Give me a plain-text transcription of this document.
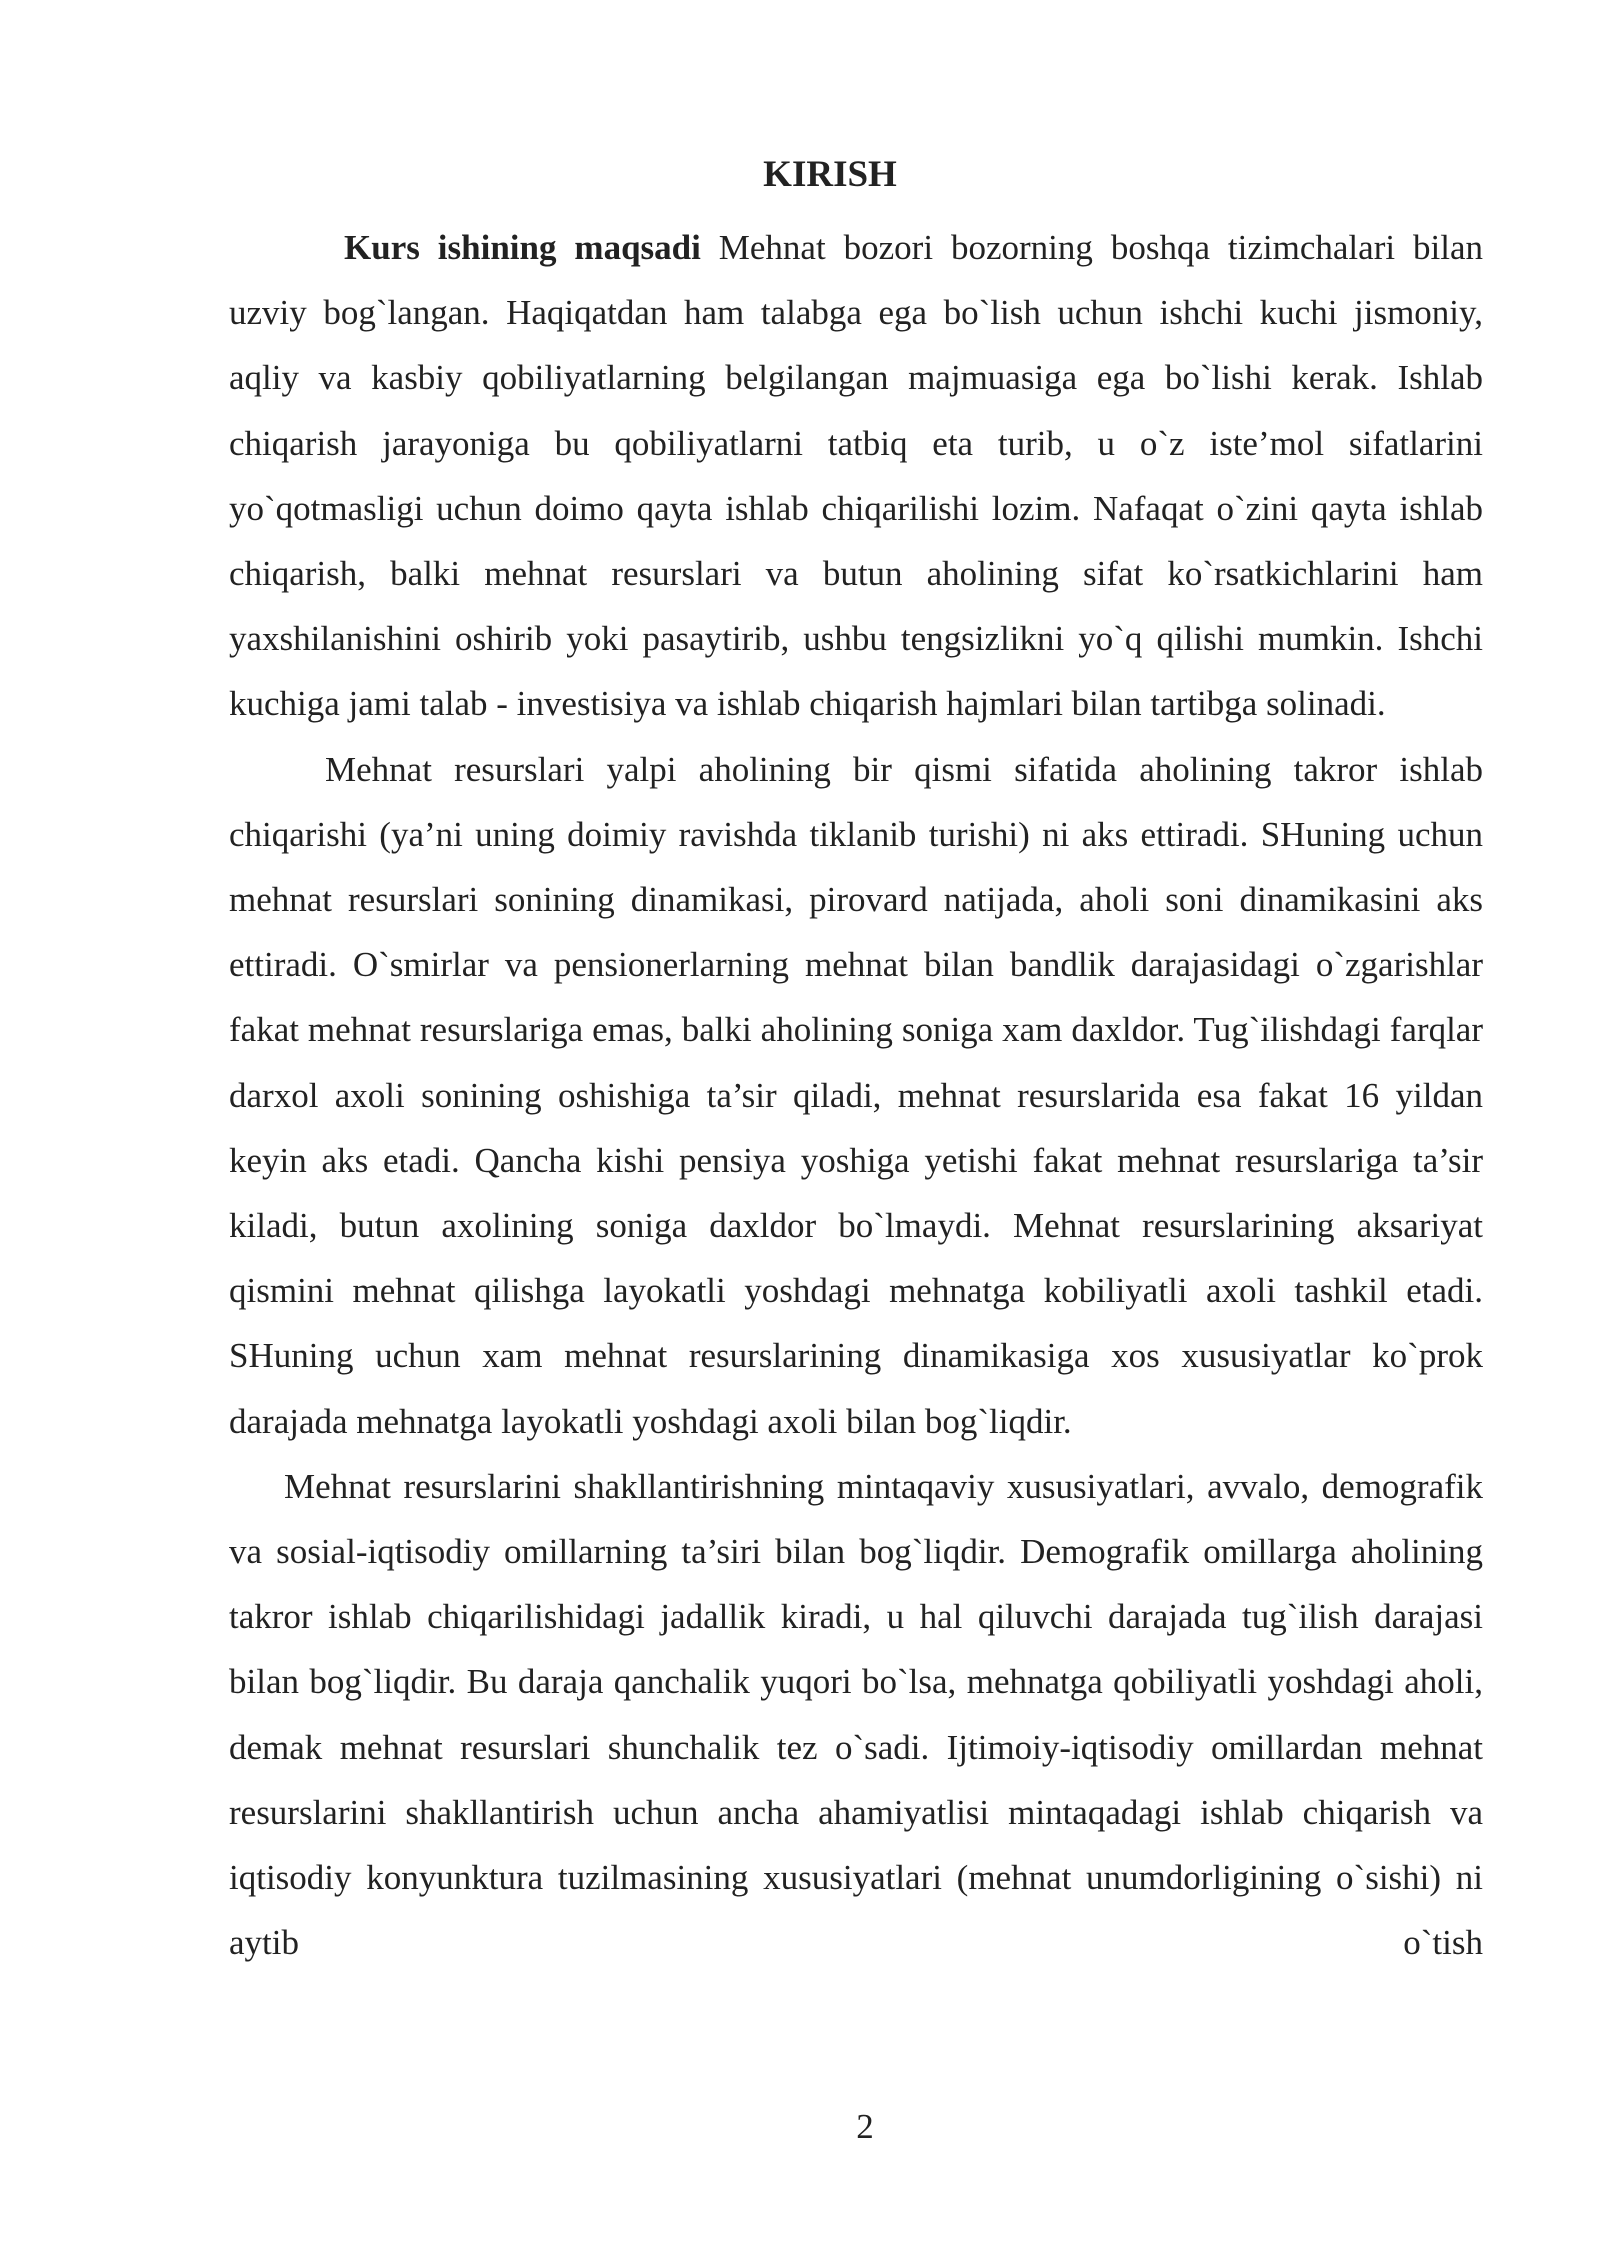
KIRISH

Kurs ishining maqsadi Mehnat bozori bozorning boshqa tizimchalari bilan uzviy bog`langan. Haqiqatdan ham talabga ega bo`lish uchun ishchi kuchi jismoniy, aqliy va kasbiy qobiliyatlarning belgilangan majmuasiga ega bo`lishi kerak. Ishlab chiqarish jarayoniga bu qobiliyatlarni tatbiq eta turib, u o`z iste’mol sifatlarini yo`qotmasligi uchun doimo qayta ishlab chiqarilishi lozim. Nafaqat o`zini qayta ishlab chiqarish, balki mehnat resurslari va butun aholining sifat ko`rsatkichlarini ham yaxshilanishini oshirib yoki pasaytirib, ushbu tengsizlikni yo`q qilishi mumkin. Ishchi kuchiga jami talab - investisiya va ishlab chiqarish hajmlari bilan tartibga solinadi.

Mehnat resurslari yalpi aholining bir qismi sifatida aholining takror ishlab chiqarishi (ya’ni uning doimiy ravishda tiklanib turishi) ni aks ettiradi. SHuning uchun mehnat resurslari sonining dinamikasi, pirovard natijada, aholi soni dinamikasini aks ettiradi. O`smirlar va pensionerlarning mehnat bilan bandlik darajasidagi o`zgarishlar fakat mehnat resurslariga emas, balki aholining soniga xam daxldor. Tug`ilishdagi farqlar darxol axoli sonining oshishiga ta’sir qiladi, mehnat resurslarida esa fakat 16 yildan keyin aks etadi. Qancha kishi pensiya yoshiga yetishi fakat mehnat resurslariga ta’sir kiladi, butun axolining soniga daxldor bo`lmaydi. Mehnat resurslarining aksariyat qismini mehnat qilishga layokatli yoshdagi mehnatga kobiliyatli axoli tashkil etadi. SHuning uchun xam mehnat resurslarining dinamikasiga xos xususiyatlar ko`prok darajada mehnatga layokatli yoshdagi axoli bilan bog`liqdir.

Mehnat resurslarini shakllantirishning mintaqaviy xususiyatlari, avvalo, demografik va sosial-iqtisodiy omillarning ta’siri bilan bog`liqdir. Demografik omillarga aholining takror ishlab chiqarilishidagi jadallik kiradi, u hal qiluvchi darajada tug`ilish darajasi bilan bog`liqdir. Bu daraja qanchalik yuqori bo`lsa, mehnatga qobiliyatli yoshdagi aholi, demak mehnat resurslari shunchalik tez o`sadi. Ijtimoiy-iqtisodiy omillardan mehnat resurslarini shakllantirish uchun ancha ahamiyatlisi mintaqadagi ishlab chiqarish va iqtisodiy konyunktura tuzilmasining xususiyatlari (mehnat unumdorligining o`sishi) ni aytib o`tish

2
